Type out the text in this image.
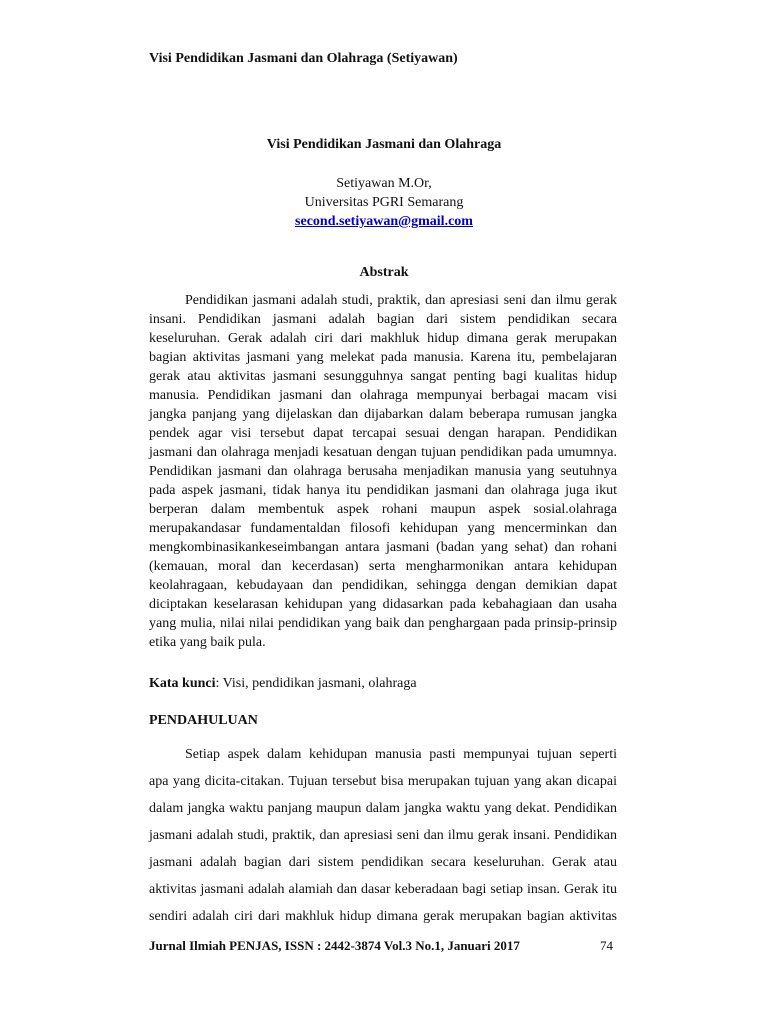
Visi Pendidikan Jasmani dan Olahraga (Setiyawan)
Visi Pendidikan Jasmani dan Olahraga
Setiyawan M.Or,
Universitas PGRI Semarang
second.setiyawan@gmail.com
Abstrak
Pendidikan jasmani adalah studi, praktik, dan apresiasi seni dan ilmu gerak
insani. Pendidikan jasmani adalah bagian dari sistem pendidikan secara
keseluruhan. Gerak adalah ciri dari makhluk hidup dimana gerak merupakan
bagian aktivitas jasmani yang melekat pada manusia. Karena itu, pembelajaran
gerak atau aktivitas jasmani sesungguhnya sangat penting bagi kualitas hidup
manusia. Pendidikan jasmani dan olahraga mempunyai berbagai macam visi
jangka panjang yang dijelaskan dan dijabarkan dalam beberapa rumusan jangka
pendek agar visi tersebut dapat tercapai sesuai dengan harapan. Pendidikan
jasmani dan olahraga menjadi kesatuan dengan tujuan pendidikan pada umumnya.
Pendidikan jasmani dan olahraga berusaha menjadikan manusia yang seutuhnya
pada aspek jasmani, tidak hanya itu pendidikan jasmani dan olahraga juga ikut
berperan dalam membentuk aspek rohani maupun aspek sosial.olahraga
merupakandasar fundamentaldan filosofi kehidupan yang mencerminkan dan
mengkombinasikankeseimbangan antara jasmani (badan yang sehat) dan rohani
(kemauan, moral dan kecerdasan) serta mengharmonikan antara kehidupan
keolahragaan, kebudayaan dan pendidikan, sehingga dengan demikian dapat
diciptakan keselarasan kehidupan yang didasarkan pada kebahagiaan dan usaha
yang mulia, nilai nilai pendidikan yang baik dan penghargaan pada prinsip-prinsip
etika yang baik pula.
Kata kunci: Visi, pendidikan jasmani, olahraga
PENDAHULUAN
Setiap aspek dalam kehidupan manusia pasti mempunyai tujuan seperti
apa yang dicita-citakan. Tujuan tersebut bisa merupakan tujuan yang akan dicapai
dalam jangka waktu panjang maupun dalam jangka waktu yang dekat. Pendidikan
jasmani adalah studi, praktik, dan apresiasi seni dan ilmu gerak insani. Pendidikan
jasmani adalah bagian dari sistem pendidikan secara keseluruhan. Gerak atau
aktivitas jasmani adalah alamiah dan dasar keberadaan bagi setiap insan. Gerak itu
sendiri adalah ciri dari makhluk hidup dimana gerak merupakan bagian aktivitas
Jurnal Ilmiah PENJAS, ISSN : 2442-3874 Vol.3 No.1, Januari 2017	74
